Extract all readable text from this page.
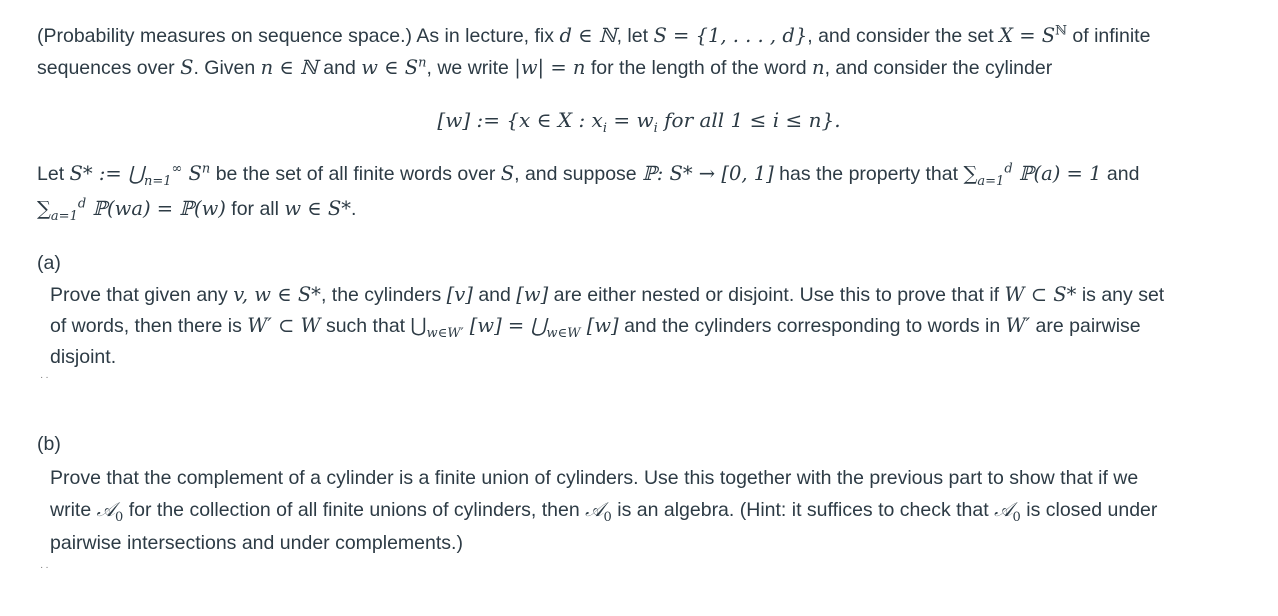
(Probability measures on sequence space.) As in lecture, fix d ∈ ℕ, let S = {1, . . . , d}, and consider the set $X = S^ℕ$ of infinite
sequences over S. Given n ∈ ℕ and w ∈ $S^n$, we write |w| = n for the length of the word n, and consider the cylinder
[w] := {x ∈ X : $x_i = w_i$ for all 1 ≤ i ≤ n}.
Let S* := $⋃_{n=1}^\infty$ $S^n$ be the set of all finite words over S, and suppose ℙ: S* → [0, 1] has the property that $\sum_{a=1}^d$ ℙ(a) = 1 and
$\sum_{a=1}^d$ ℙ(wa) = ℙ(w) for all w ∈ S*.
(a)
Prove that given any v, w ∈ S*, the cylinders [v] and [w] are either nested or disjoint. Use this to prove that if W ⊂ S* is any set
of words, then there is W′ ⊂ W such that $⋃_{w\in W'}$ $[w] = ⋃_{w\in W}$ [w] and the cylinders corresponding to words in W′ are pairwise
disjoint.
··
(b)
Prove that the complement of a cylinder is a finite union of cylinders. Use this together with the previous part to show that if we
write 𝒜$_0$ for the collection of all finite unions of cylinders, then 𝒜$_0$ is an algebra. (Hint: it suffices to check that 𝒜$_0$ is closed under
pairwise intersections and under complements.)
··
